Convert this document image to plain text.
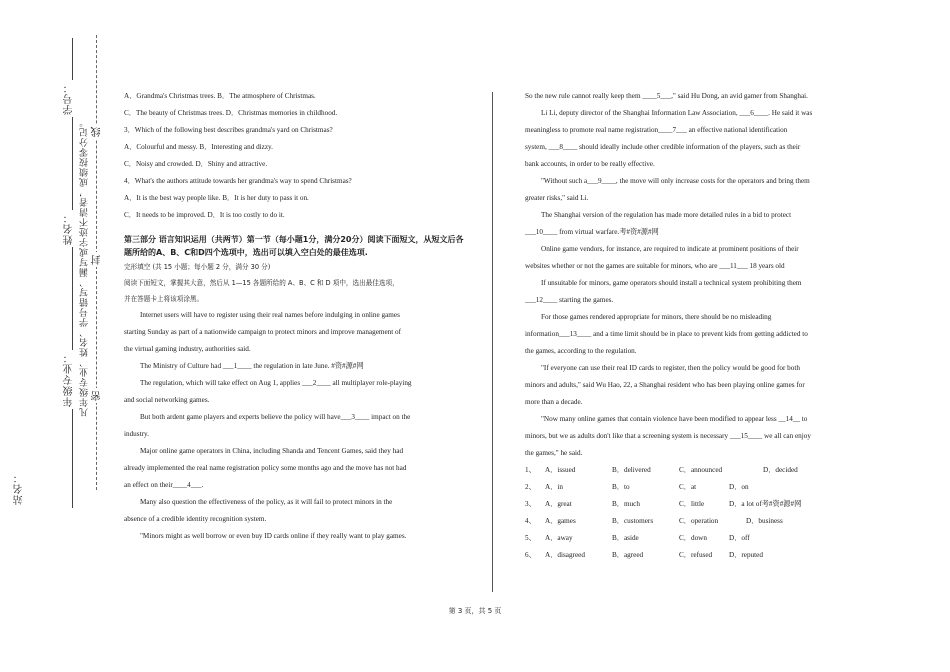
学号：
姓名：
年级专业：
站名：
凡年级专业、姓名、学号错写、漏写或字迹不清者，成绩按零分记。 线
封
密
A．Grandma's Christmas trees. B．The atmosphere of Christmas.
C．The beauty of Christmas trees. D．Christmas memories in childhood.
3．Which of the following best describes grandma's yard on Christmas?
A．Colourful and messy. B．Interesting and dizzy.
C．Noisy and crowded. D．Shiny and attractive.
4．What's the authors attitude towards her grandma's way to spend Christmas?
A．It is the best way people like. B．It is her duty to pass it on.
C．It needs to be improved. D．It is too costly to do it.
第三部分 语言知识运用（共两节）第一节（每小题1分，满分20分）阅读下面短文，从短文后各题所给的A、B、C和D四个选项中，选出可以填入空白处的最佳选项.
完形填空 (共 15 小题；每小题 2 分，满分 30 分)
阅读下面短文，掌握其大意，然后从 1—15 各题所给的 A、B、C 和 D 项中，选出最佳选项，
并在答题卡上将该项涂黑。
Internet users will have to register using their real names before indulging in online games
starting Sunday as part of a nationwide campaign to protect minors and improve management of
the virtual gaming industry, authorities said.
The Ministry of Culture had ___1____ the regulation in late June. #资#源#网
The regulation, which will take effect on Aug 1, applies ___2____ all multiplayer role-playing
and social networking games.
But both ardent game players and experts believe the policy will have___3____ impact on the
industry.
Major online game operators in China, including Shanda and Tencent Games, said they had
already implemented the real name registration policy some months ago and the move has not had
an effect on their____4___.
Many also question the effectiveness of the policy, as it will fail to protect minors in the
absence of a credible identity recognition system.
"Minors might as well borrow or even buy ID cards online if they really want to play games.
So the new rule cannot really keep them ____5___," said Hu Dong, an avid gamer from Shanghai.
Li Li, deputy director of the Shanghai Information Law Association, ___6____. He said it was
meaningless to promote real name registration____7___ an effective national identification
system, ___8____ should ideally include other credible information of the players, such as their
bank accounts, in order to be really effective.
"Without such a___9____, the move will only increase costs for the operators and bring them
greater risks," said Li.
The Shanghai version of the regulation has made more detailed rules in a bid to protect
___10____ from virtual warfare.考#资#源#网
Online game vendors, for instance, are required to indicate at prominent positions of their
websites whether or not the games are suitable for minors, who are ___11___ 18 years old
If unsuitable for minors, game operators should install a technical system prohibiting them
___12____ starting the games.
For those games rendered appropriate for minors, there should be no misleading
information___13____ and a time limit should be in place to prevent kids from getting addicted to
the games, according to the regulation.
"If everyone can use their real ID cards to register, then the policy would be good for both
minors and adults," said Wu Hao, 22, a Shanghai resident who has been playing online games for
more than a decade.
"Now many online games that contain violence have been modified to appear less __14__ to
minors, but we as adults don't like that a screening system is necessary ___15____ we all can enjoy
the games," he said.
1、	A．issued	B．delivered	C．announced	D．decided
2、	A．in	B．to	C．at	D．on
3、	A．great	B．much	C．little	D．a lot of考#资#源#网
4、	A．games	B．customers	C．operation	D．business
5、	A．away	B．aside	C．down	D．off
6、	A．disagreed	B．agreed	C．refused	D．reputed
第 3 页，共 5 页
